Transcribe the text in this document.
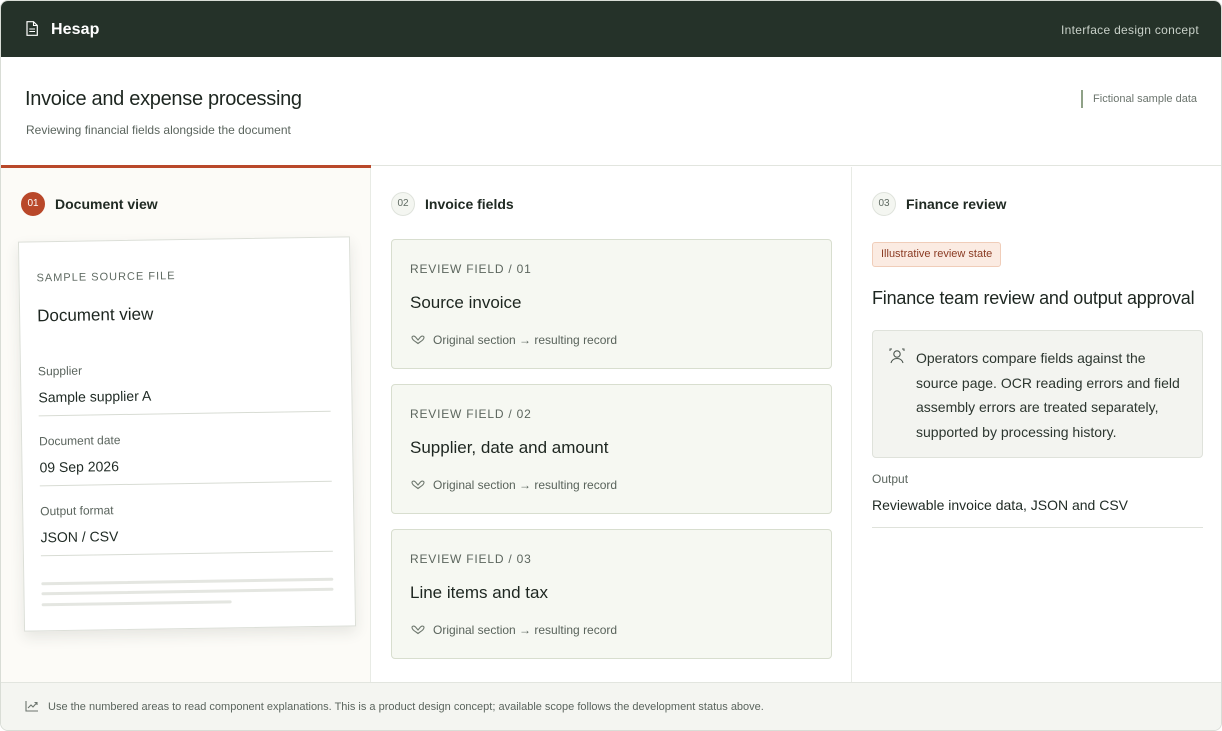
Hesap	Interface design concept
Invoice and expense processing

Reviewing financial fields alongside the document

Fictional sample data
01	Document view
SAMPLE SOURCE FILE
Document view
Supplier
Sample supplier A
Document date
09 Sep 2026
Output format
JSON / CSV
02	Invoice fields
REVIEW FIELD / 01
Source invoice
Original section → resulting record
REVIEW FIELD / 02
Supplier, date and amount
Original section → resulting record
REVIEW FIELD / 03
Line items and tax
Original section → resulting record
03	Finance review
Illustrative review state
Finance team review and output approval

Operators compare fields against the source page. OCR reading errors and field assembly errors are treated separately, supported by processing history.

Output
Reviewable invoice data, JSON and CSV
Use the numbered areas to read component explanations. This is a product design concept; available scope follows the development status above.
